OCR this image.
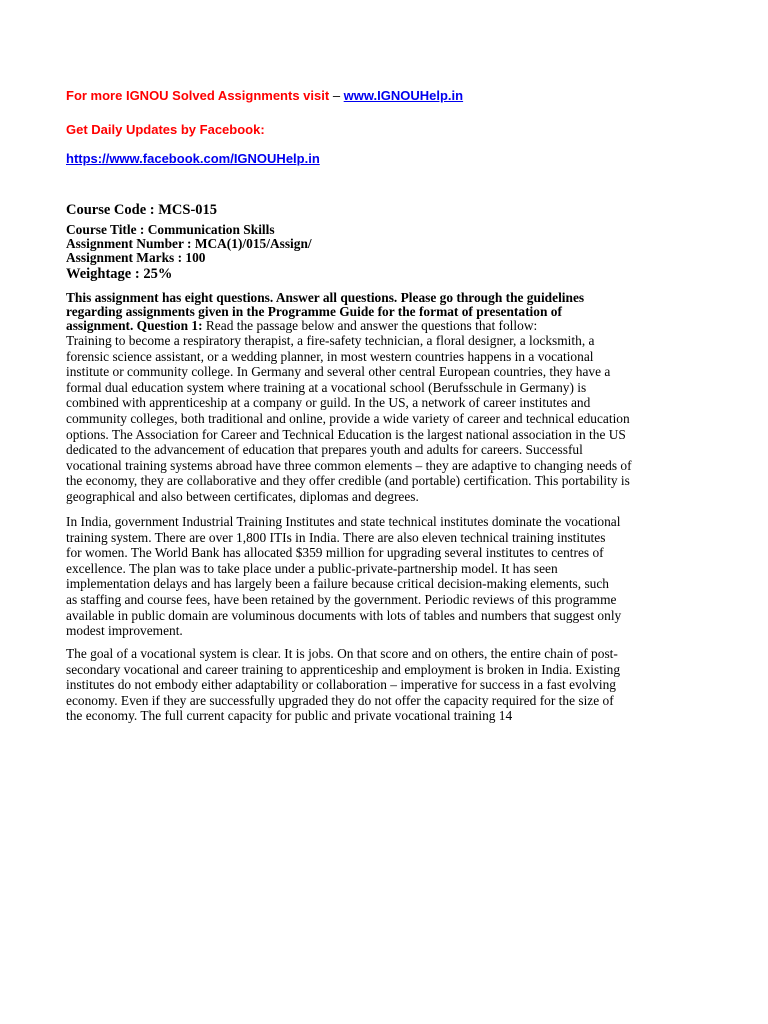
For more IGNOU Solved Assignments visit – www.IGNOUHelp.in
Get Daily Updates by Facebook:
https://www.facebook.com/IGNOUHelp.in
Course Code : MCS-015
Course Title : Communication Skills
Assignment Number : MCA(1)/015/Assign/
Assignment Marks : 100
Weightage : 25%
This assignment has eight questions. Answer all questions. Please go through the guidelines
regarding assignments given in the Programme Guide for the format of presentation of
assignment. Question 1: Read the passage below and answer the questions that follow:
Training to become a respiratory therapist, a fire-safety technician, a floral designer, a locksmith, a
forensic science assistant, or a wedding planner, in most western countries happens in a vocational
institute or community college. In Germany and several other central European countries, they have a
formal dual education system where training at a vocational school (Berufsschule in Germany) is
combined with apprenticeship at a company or guild. In the US, a network of career institutes and
community colleges, both traditional and online, provide a wide variety of career and technical education
options. The Association for Career and Technical Education is the largest national association in the US
dedicated to the advancement of education that prepares youth and adults for careers. Successful
vocational training systems abroad have three common elements – they are adaptive to changing needs of
the economy, they are collaborative and they offer credible (and portable) certification. This portability is
geographical and also between certificates, diplomas and degrees.
In India, government Industrial Training Institutes and state technical institutes dominate the vocational
training system. There are over 1,800 ITIs in India. There are also eleven technical training institutes
for women. The World Bank has allocated $359 million for upgrading several institutes to centres of
excellence. The plan was to take place under a public-private-partnership model. It has seen
implementation delays and has largely been a failure because critical decision-making elements, such
as staffing and course fees, have been retained by the government. Periodic reviews of this programme
available in public domain are voluminous documents with lots of tables and numbers that suggest only
modest improvement.
The goal of a vocational system is clear. It is jobs. On that score and on others, the entire chain of post-
secondary vocational and career training to apprenticeship and employment is broken in India. Existing
institutes do not embody either adaptability or collaboration – imperative for success in a fast evolving
economy. Even if they are successfully upgraded they do not offer the capacity required for the size of
the economy. The full current capacity for public and private vocational training 14
